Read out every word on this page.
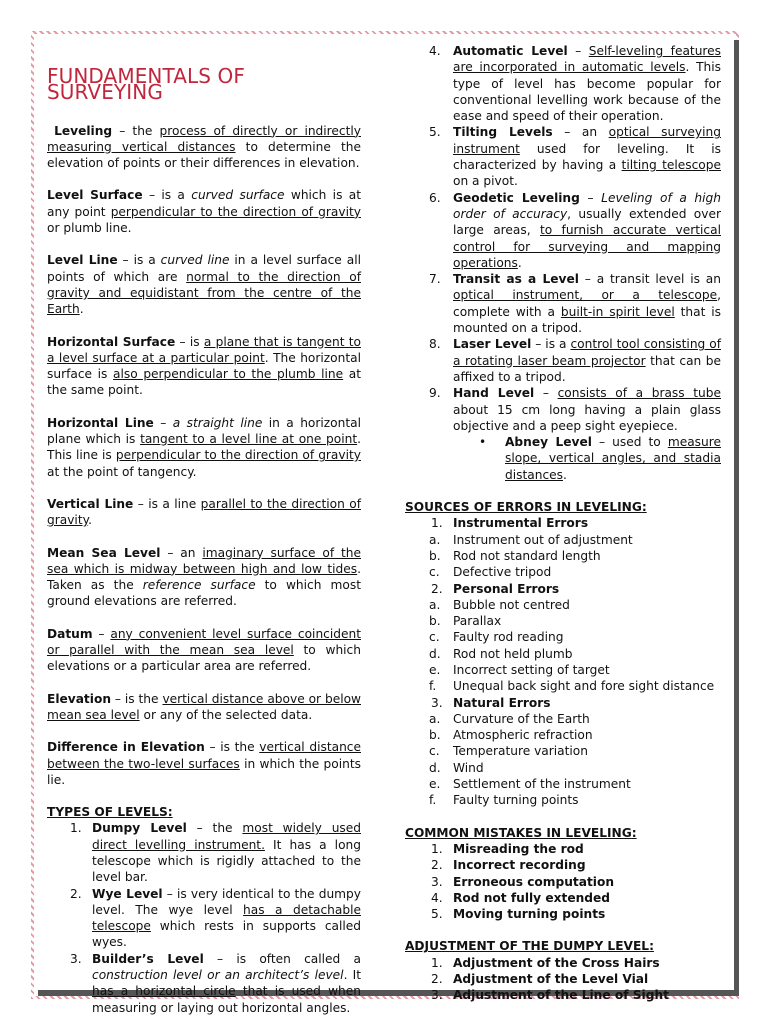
FUNDAMENTALS OF SURVEYING

Leveling – the process of directly or indirectly measuring vertical distances to determine the elevation of points or their differences in elevation.

Level Surface – is a curved surface which is at any point perpendicular to the direction of gravity or plumb line.

Level Line – is a curved line in a level surface all points of which are normal to the direction of gravity and equidistant from the centre of the Earth.

Horizontal Surface – is a plane that is tangent to a level surface at a particular point. The horizontal surface is also perpendicular to the plumb line at the same point.

Horizontal Line – a straight line in a horizontal plane which is tangent to a level line at one point. This line is perpendicular to the direction of gravity at the point of tangency.

Vertical Line – is a line parallel to the direction of gravity.

Mean Sea Level – an imaginary surface of the sea which is midway between high and low tides. Taken as the reference surface to which most ground elevations are referred.

Datum – any convenient level surface coincident or parallel with the mean sea level to which elevations or a particular area are referred.

Elevation – is the vertical distance above or below mean sea level or any of the selected data.

Difference in Elevation – is the vertical distance between the two-level surfaces in which the points lie.

TYPES OF LEVELS:
1. Dumpy Level – the most widely used direct levelling instrument. It has a long telescope which is rigidly attached to the level bar.
2. Wye Level – is very identical to the dumpy level. The wye level has a detachable telescope which rests in supports called wyes.
3. Builder’s Level – is often called a construction level or an architect’s level. It has a horizontal circle that is used when measuring or laying out horizontal angles.
4. Automatic Level – Self-leveling features are incorporated in automatic levels. This type of level has become popular for conventional levelling work because of the ease and speed of their operation.
5. Tilting Levels – an optical surveying instrument used for leveling. It is characterized by having a tilting telescope on a pivot.
6. Geodetic Leveling – Leveling of a high order of accuracy, usually extended over large areas, to furnish accurate vertical control for surveying and mapping operations.
7. Transit as a Level – a transit level is an optical instrument, or a telescope, complete with a built-in spirit level that is mounted on a tripod.
8. Laser Level – is a control tool consisting of a rotating laser beam projector that can be affixed to a tripod.
9. Hand Level – consists of a brass tube about 15 cm long having a plain glass objective and a peep sight eyepiece.
• Abney Level – used to measure slope, vertical angles, and stadia distances.
SOURCES OF ERRORS IN LEVELING:
1. Instrumental Errors
a. Instrument out of adjustment
b. Rod not standard length
c. Defective tripod
2. Personal Errors
a. Bubble not centred
b. Parallax
c. Faulty rod reading
d. Rod not held plumb
e. Incorrect setting of target
f. Unequal back sight and fore sight distance
3. Natural Errors
a. Curvature of the Earth
b. Atmospheric refraction
c. Temperature variation
d. Wind
e. Settlement of the instrument
f. Faulty turning points
COMMON MISTAKES IN LEVELING:
1. Misreading the rod
2. Incorrect recording
3. Erroneous computation
4. Rod not fully extended
5. Moving turning points
ADJUSTMENT OF THE DUMPY LEVEL:
1. Adjustment of the Cross Hairs
2. Adjustment of the Level Vial
3. Adjustment of the Line of Sight
